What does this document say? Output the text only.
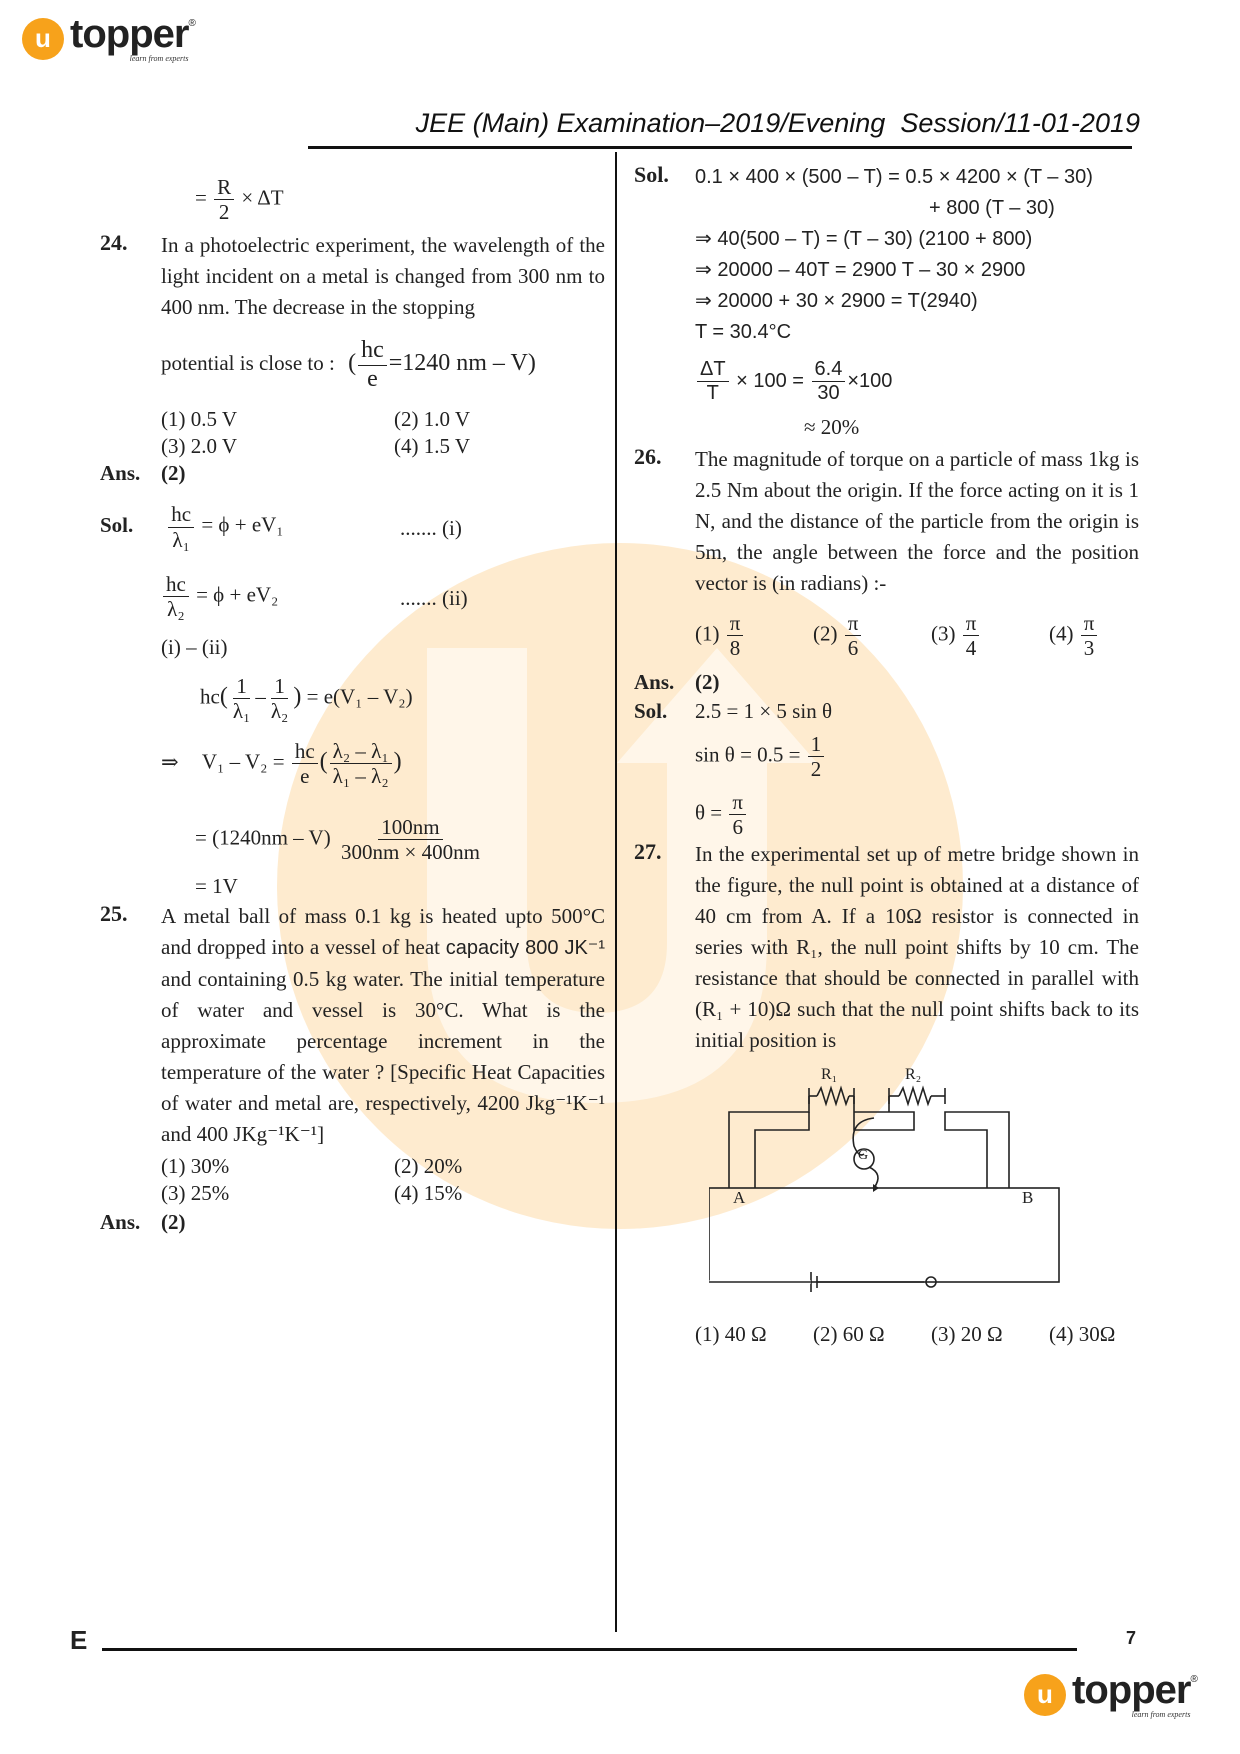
u topper
learn from experts
®
JEE (Main) Examination–2019/Evening  Session/11-01-2019
= $\frac{R}{2} \times \Delta T$
24. In a photoelectric experiment, the wavelength of the light incident on a metal is changed from 300 nm to 400 nm. The decrease in the stopping
potential is close to : ( $\frac{hc}{e} =1240$ nm – V)
(1) 0.5 V	(2) 1.0 V
(3) 2.0 V	(4) 1.5 V
Ans. (2)
Sol. $\frac{hc}{\text{λ₁}} = \phi + eV_1$	....... (i)
$\frac{hc}{\text{λ₂}} = \phi + eV_2$	....... (ii)
(i) – (ii)
$hc( \frac{1}{\text{λ₁}} - \frac{1}{\text{λ₂}}$ ) = e(V₁ – V₂)
⇒ $V_1 - V_2 = \frac{hc}{e}$ ( $\frac{\text{λ₂ – λ₁}}{\text{λ₁ – λ₂}}$ )
= $(1240nm - V) \frac{100nm}{300nm \times 400nm}$
= 1V
25. A metal ball of mass 0.1 kg is heated upto 500°C and dropped into a vessel of heat capacity 800 JK⁻¹ and containing 0.5 kg water. The initial temperature of water and vessel is 30°C. What is the approximate percentage increment in the temperature of the water ? [Specific Heat Capacities of water and metal are, respectively, 4200 Jkg⁻¹K⁻¹ and 400 JKg⁻¹K⁻¹]
(1) 30%	(2) 20%
(3) 25%	(4) 15%
Ans. (2)
Sol. 0.1 × 400 × (500 – T) = 0.5 × 4200 × (T – 30)
+ 800 (T – 30)
⇒ 40(500 – T) = (T – 30) (2100 + 800)
⇒ 20000 – 40T = 2900 T – 30 × 2900
⇒ 20000 + 30 × 2900 = T(2940)
T = 30.4°C
$\frac{\Delta T}{T} \times 100 = \frac{6.4}{30} \times 100$
≈ 20%
26. The magnitude of torque on a particle of mass 1kg is 2.5 Nm about the origin. If the force acting on it is 1 N, and the distance of the particle from the origin is 5m, the angle between the force and the position vector is (in radians) :-
$(1) \frac{\pi}{8}$	$(2) \frac{\pi}{6}$	$(3) \frac{\pi}{4}$	$(4) \frac{\pi}{3}$
Ans. (2)
Sol. 2.5 = 1 × 5 sin θ
$\sin \theta = 0.5 = \frac{1}{2}$
$\theta = \frac{\pi}{6}$
27. In the experimental set up of metre bridge shown in the figure, the null point is obtained at a distance of 40 cm from A. If a 10Ω resistor is connected in series with R₁, the null point shifts by 10 cm. The resistance that should be connected in parallel with (R₁ + 10)Ω such that the null point shifts back to its initial position is
R₁	R₂
G
A	B
(1) 40 Ω	(2) 60 Ω	(3) 20 Ω	(4) 30Ω
E	7
u topper
learn from experts
®
